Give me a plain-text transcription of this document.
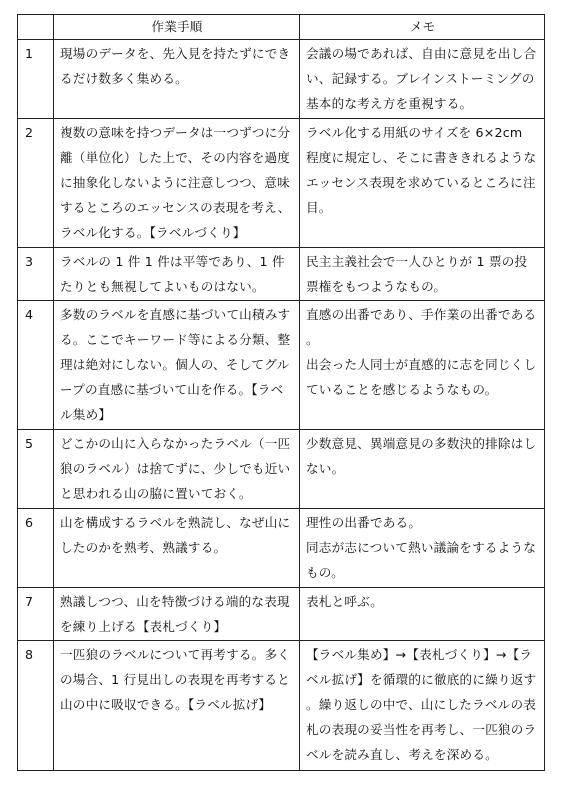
	作業手順	メモ
1	現場のデータを、先入見を持たずにできるだけ数多く集める。	会議の場であれば、自由に意見を出し合い、記録する。ブレインストーミングの基本的な考え方を重視する。

2	複数の意味を持つデータは一つずつに分離（単位化）した上で、その内容を過度に抽象化しないように注意しつつ、意味するところのエッセンスの表現を考え、ラベル化する。【ラベルづくり】	ラベル化する用紙のサイズを 6×2cm 程度に規定し、そこに書ききれるようなエッセンス表現を求めているところに注目。

3	ラベルの 1 件 1 件は平等であり、1 件たりとも無視してよいものはない。	民主主義社会で一人ひとりが 1 票の投票権をもつようなもの。

4	多数のラベルを直感に基づいて山積みする。ここでキーワード等による分類、整理は絶対にしない。個人の、そしてグループの直感に基づいて山を作る。【ラベル集め】	直感の出番であり、手作業の出番である。
出会った人同士が直感的に志を同じくしていることを感じるようなもの。

5	どこかの山に入らなかったラベル（一匹狼のラベル）は捨てずに、少しでも近いと思われる山の脇に置いておく。	少数意見、異端意見の多数決的排除はしない。

6	山を構成するラベルを熟読し、なぜ山にしたのかを熟考、熟議する。	理性の出番である。
同志が志について熱い議論をするようなもの。

7	熟議しつつ、山を特徴づける端的な表現を練り上げる【表札づくり】	表札と呼ぶ。

8	一匹狼のラベルについて再考する。多くの場合、1 行見出しの表現を再考すると山の中に吸収できる。【ラベル拡げ】	【ラベル集め】→【表札づくり】→【ラベル拡げ】を循環的に徹底的に繰り返す。繰り返しの中で、山にしたラベルの表札の表現の妥当性を再考し、一匹狼のラベルを読み直し、考えを深める。
